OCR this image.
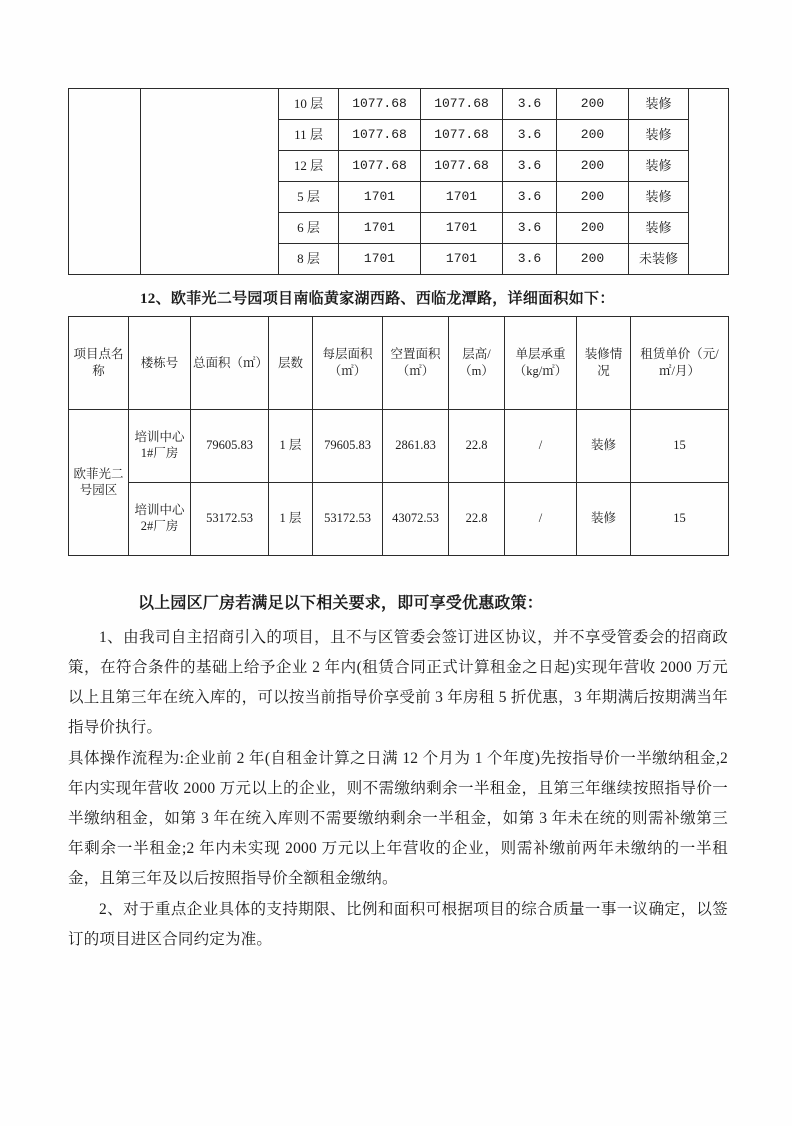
		10 层	1077.68	1077.68	3.6	200	装修	
		11 层	1077.68	1077.68	3.6	200	装修	
		12 层	1077.68	1077.68	3.6	200	装修	
		5 层	1701	1701	3.6	200	装修	
		6 层	1701	1701	3.6	200	装修	
		8 层	1701	1701	3.6	200	未装修	
12、欧菲光二号园项目南临黄家湖西路、西临龙潭路，详细面积如下：
项目点名称	楼栋号	总面积（㎡）	层数	每层面积（㎡）	空置面积（㎡）	层高/（m）	单层承重（kg/㎡）	装修情况	租赁单价（元/㎡/月）
欧菲光二号园区	培训中心 1#厂房	79605.83	1 层	79605.83	2861.83	22.8	/	装修	15
	培训中心 2#厂房	53172.53	1 层	53172.53	43072.53	22.8	/	装修	15
以上园区厂房若满足以下相关要求，即可享受优惠政策：

1、由我司自主招商引入的项目，且不与区管委会签订进区协议，并不享受管委会的招商政策，在符合条件的基础上给予企业 2 年内(租赁合同正式计算租金之日起)实现年营收 2000 万元以上且第三年在统入库的，可以按当前指导价享受前 3 年房租 5 折优惠，3 年期满后按期满当年指导价执行。

具体操作流程为:企业前 2 年(自租金计算之日满 12 个月为 1 个年度)先按指导价一半缴纳租金,2 年内实现年营收 2000 万元以上的企业，则不需缴纳剩余一半租金，且第三年继续按照指导价一半缴纳租金，如第 3 年在统入库则不需要缴纳剩余一半租金，如第 3 年未在统的则需补缴第三年剩余一半租金;2 年内未实现 2000 万元以上年营收的企业，则需补缴前两年未缴纳的一半租金，且第三年及以后按照指导价全额租金缴纳。

2、对于重点企业具体的支持期限、比例和面积可根据项目的综合质量一事一议确定，以签订的项目进区合同约定为准。
